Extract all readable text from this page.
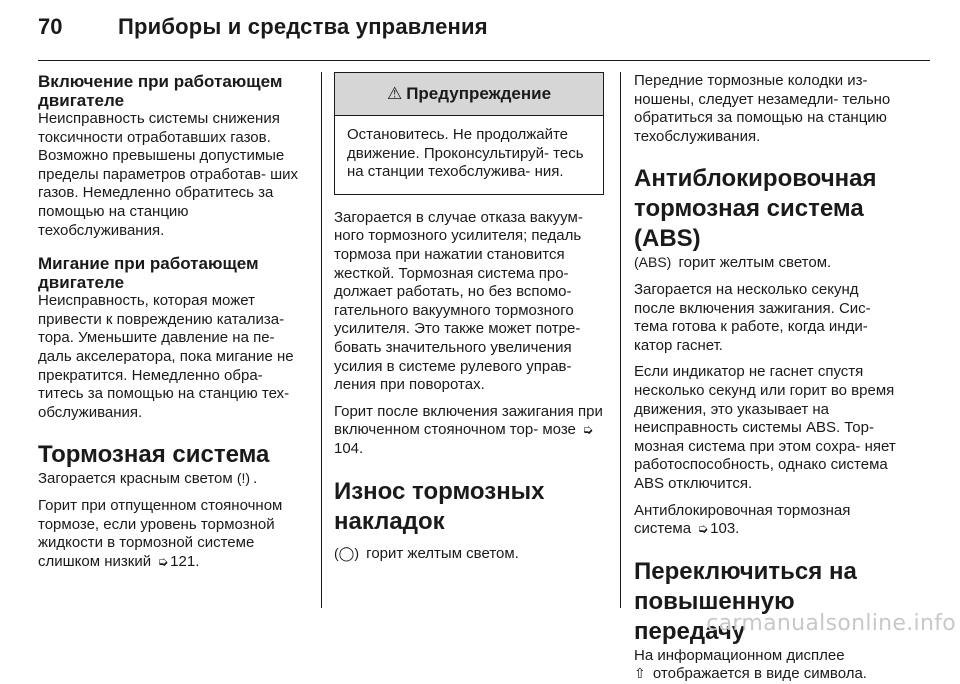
70	Приборы и средства управления
Включение при работающем двигателе

Неисправность системы снижения токсичности отработавших газов. Возможно превышены допустимые пределы параметров отработав‑ ших газов. Немедленно обратитесь за помощью на станцию техобслуживания.

Мигание при работающем двигателе

Неисправность, которая может привести к повреждению катализа‑ тора. Уменьшите давление на пе‑ даль акселератора, пока мигание не прекратится. Немедленно обра‑ титесь за помощью на станцию тех‑ обслуживания.

Тормозная система

Загорается красным светом (!) .

Горит при отпущенном стояночном тормозе, если уровень тормозной жидкости в тормозной системе слишком низкий ➭ 121.

⚠ Предупреждение

Остановитесь. Не продолжайте движение. Проконсультируй‑ тесь на станции техобслужива‑ ния.

Загорается в случае отказа вакуум‑ ного тормозного усилителя; педаль тормоза при нажатии становится жесткой. Тормозная система про‑ должает работать, но без вспомо‑ гательного вакуумного тормозного усилителя. Это также может потре‑ бовать значительного увеличения усилия в системе рулевого управ‑ ления при поворотах.

Горит после включения зажигания при включенном стояночном тор‑ мозе ➭104.

Износ тормозных накладок

(◯) горит желтым светом.

Передние тормозные колодки из‑ ношены, следует незамедли‑ тельно обратиться за помощью на станцию техобслуживания.

Антиблокировочная тормозная система (ABS)

(ABS) горит желтым светом.

Загорается на несколько секунд после включения зажигания. Сис‑ тема готова к работе, когда инди‑ катор гаснет.

Если индикатор не гаснет спустя несколько секунд или горит во время движения, это указывает на неисправность системы ABS. Тор‑ мозная система при этом сохра‑ няет работоспособность, однако система ABS отключится.

Антиблокировочная тормозная система ➭ 103.

Переключиться на повышенную передачу

На информационном дисплее
⇧ отображается в виде символа.

carmanualsonline.info
